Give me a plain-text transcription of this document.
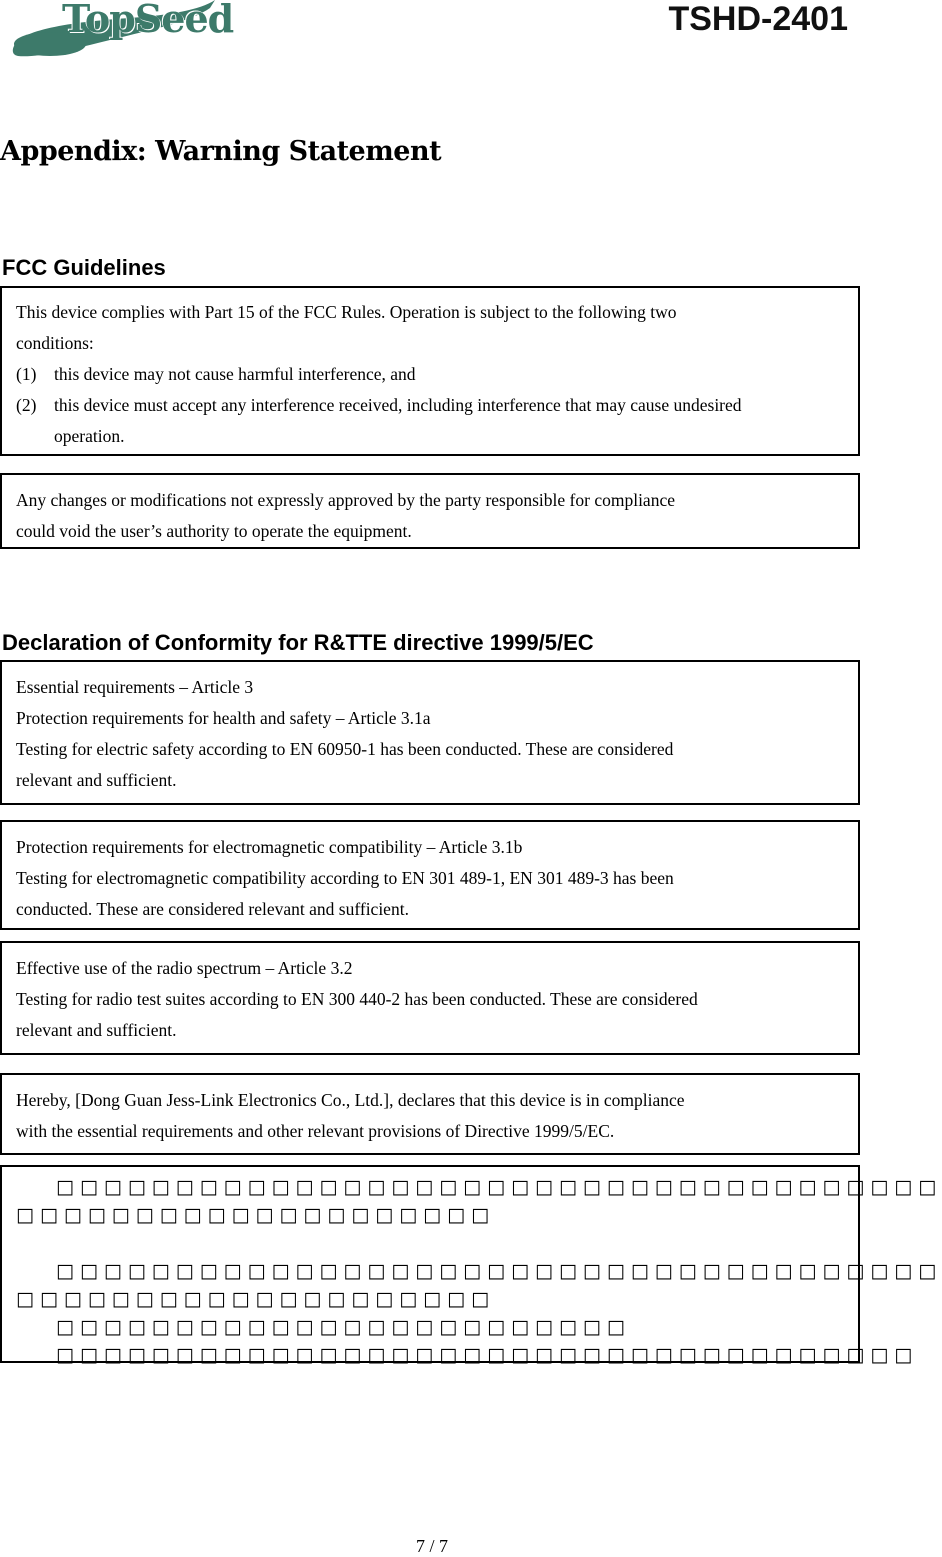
TopSeed	TSHD-2401
Appendix: Warning Statement
FCC Guidelines
This device complies with Part 15 of the FCC Rules. Operation is subject to the following two
conditions:
(1)	this device may not cause harmful interference, and
(2)	this device must accept any interference received, including interference that may cause undesired operation.
Any changes or modifications not expressly approved by the party responsible for compliance
could void the user’s authority to operate the equipment.
Declaration of Conformity for R&TTE directive 1999/5/EC
Essential requirements – Article 3
Protection requirements for health and safety – Article 3.1a
Testing for electric safety according to EN 60950-1 has been conducted. These are considered
relevant and sufficient.
Protection requirements for electromagnetic compatibility – Article 3.1b
Testing for electromagnetic compatibility according to EN 301 489-1, EN 301 489-3 has been
conducted. These are considered relevant and sufficient.
Effective use of the radio spectrum – Article 3.2
Testing for radio test suites according to EN 300 440-2 has been conducted. These are considered
relevant and sufficient.
Hereby, [Dong Guan Jess-Link Electronics Co., Ltd.], declares that this device is in compliance
with the essential requirements and other relevant provisions of Directive 1999/5/EC.
□□□□□□□□□□□□□□□□□□□□□□□□□□□□□□□□□□□□□
□□□□□□□□□□□□□□□□□□□□
□□□□□□□□□□□□□□□□□□□□□□□□□□□□□□□□□□□□□
□□□□□□□□□□□□□□□□□□□□
□□□□□□□□□□□□□□□□□□□□□□□□
□□□□□□□□□□□□□□□□□□□□□□□□□□□□□□□□□□□□
7 / 7
